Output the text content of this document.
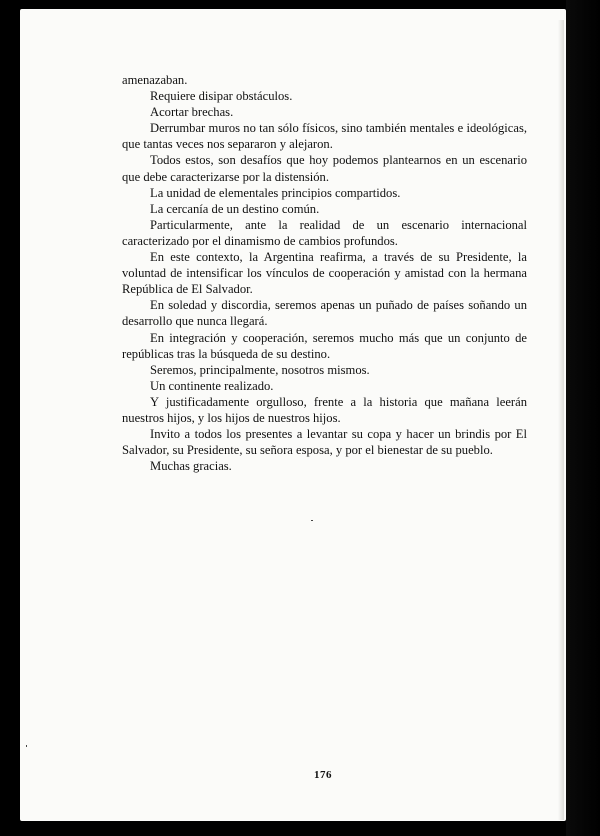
amenazaban.

Requiere disipar obstáculos.

Acortar brechas.

Derrumbar muros no tan sólo físicos, sino también mentales e ideológicas, que tantas veces nos separaron y alejaron.

Todos estos, son desafíos que hoy podemos plantearnos en un escenario que debe caracterizarse por la distensión.

La unidad de elementales principios compartidos.

La cercanía de un destino común.

Particularmente, ante la realidad de un escenario internacional caracterizado por el dinamismo de cambios profundos.

En este contexto, la Argentina reafirma, a través de su Presidente, la voluntad de intensificar los vínculos de cooperación y amistad con la hermana República de El Salvador.

En soledad y discordia, seremos apenas un puñado de países soñando un desarrollo que nunca llegará.

En integración y cooperación, seremos mucho más que un conjunto de repúblicas tras la búsqueda de su destino.

Seremos, principalmente, nosotros mismos.

Un continente realizado.

Y justificadamente orgulloso, frente a la historia que mañana leerán nuestros hijos, y los hijos de nuestros hijos.

Invito a todos los presentes a levantar su copa y hacer un brindis por El Salvador, su Presidente, su señora esposa, y por el bienestar de su pueblo.

Muchas gracias.

176
